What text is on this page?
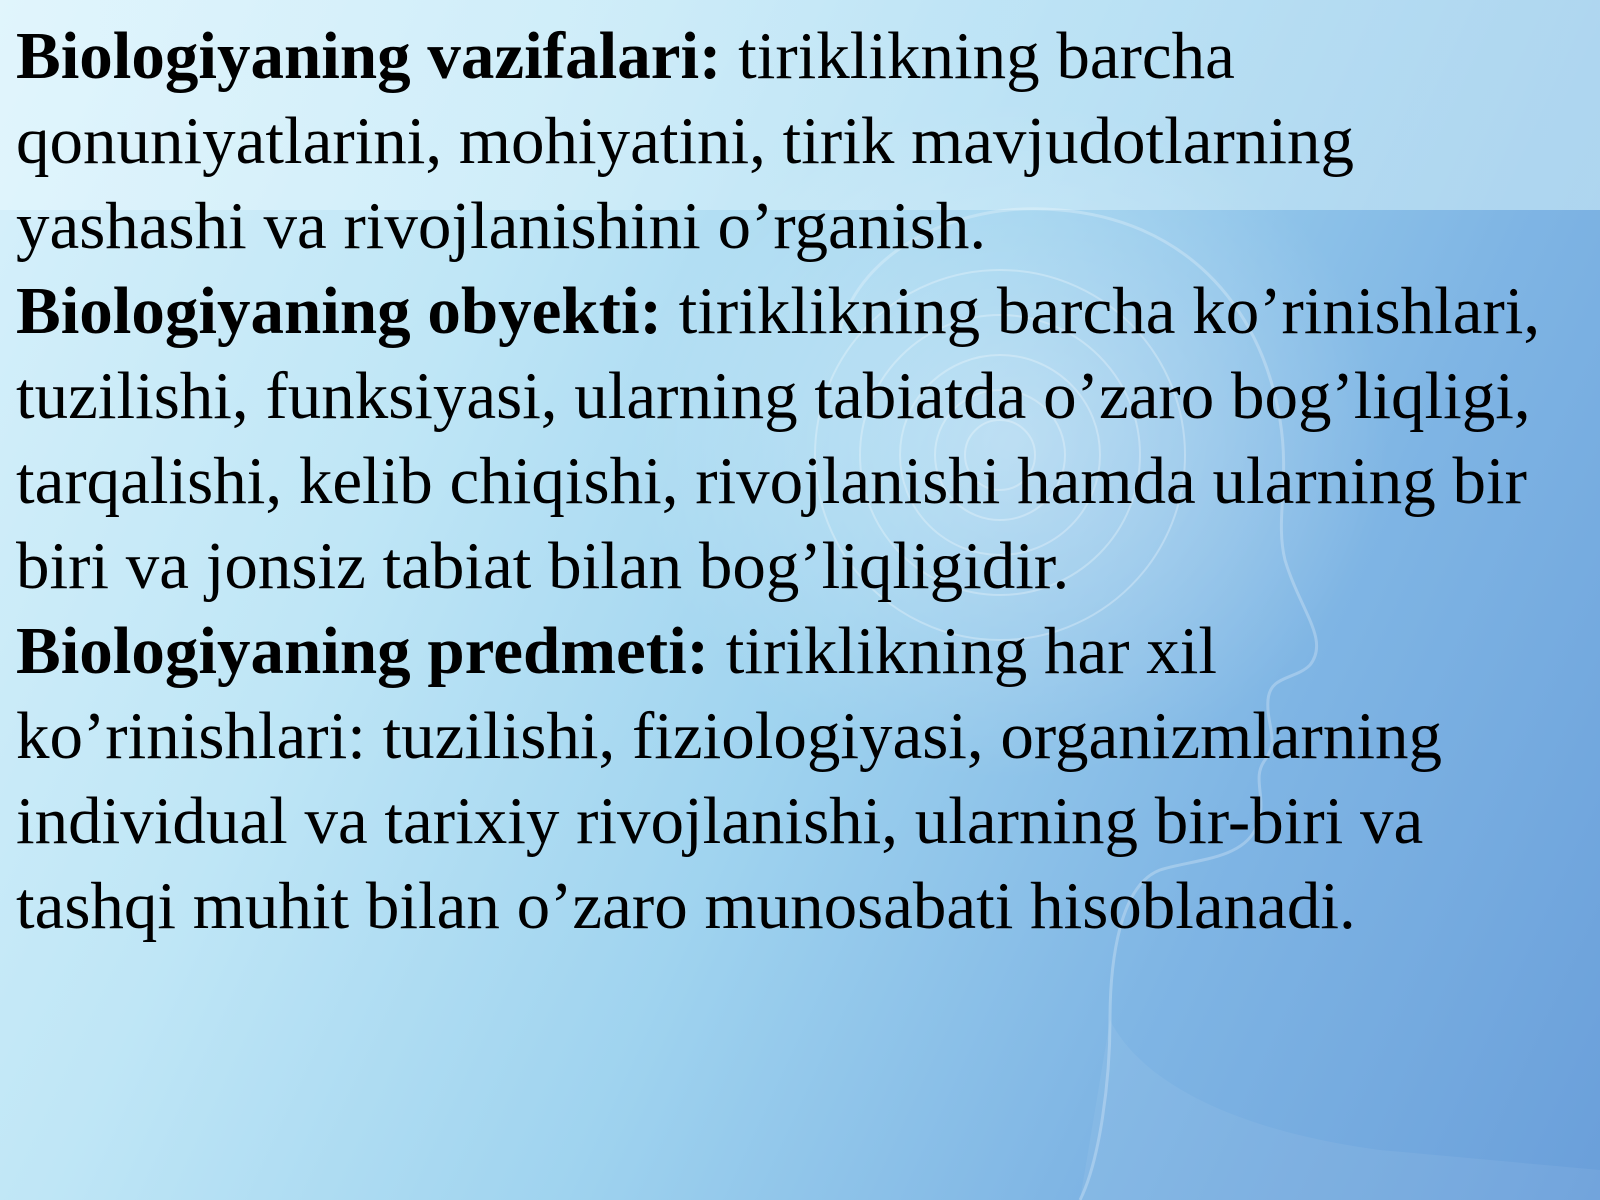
Biologiyaning vazifalari: tiriklikning barcha qonuniyatlarini, mohiyatini, tirik mavjudotlarning yashashi va rivojlanishini o’rganish.

Biologiyaning obyekti: tiriklikning barcha ko’rinishlari, tuzilishi, funksiyasi, ularning tabiatda o’zaro bog’liqligi, tarqalishi, kelib chiqishi, rivojlanishi hamda ularning bir biri va jonsiz tabiat bilan bog’liqligidir.

Biologiyaning predmeti: tiriklikning har xil ko’rinishlari: tuzilishi, fiziologiyasi, organizmlarning individual va tarixiy rivojlanishi, ularning bir-biri va tashqi muhit bilan o’zaro munosabati hisoblanadi.
